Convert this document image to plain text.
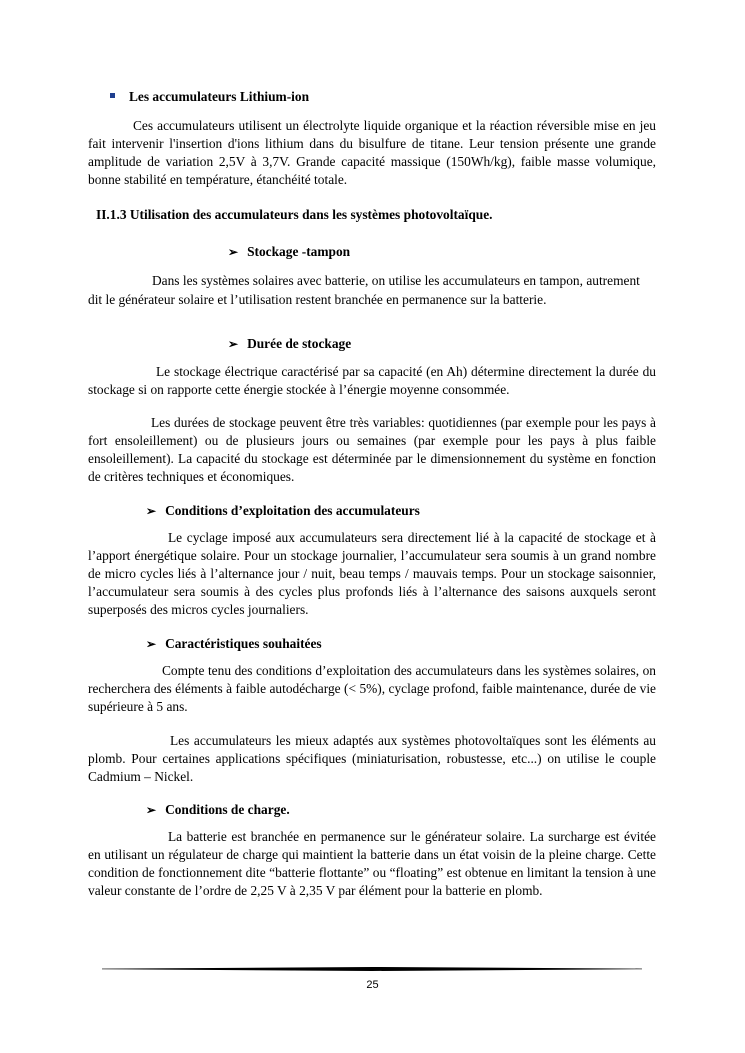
Les accumulateurs Lithium-ion

Ces accumulateurs utilisent un électrolyte liquide organique et la réaction réversible mise en jeu fait intervenir l'insertion d'ions lithium dans du bisulfure de titane. Leur tension présente une grande amplitude de variation 2,5V à 3,7V. Grande capacité massique (150Wh/kg), faible masse volumique, bonne stabilité en température, étanchéité totale.

II.1.3 Utilisation des accumulateurs dans les systèmes photovoltaïque.
➢ Stockage -tampon

Dans les systèmes solaires avec batterie, on utilise les accumulateurs en tampon, autrement dit le générateur solaire et l’utilisation restent branchée en permanence sur la batterie.

➢ Durée de stockage

Le stockage électrique caractérisé par sa capacité (en Ah) détermine directement la durée du stockage si on rapporte cette énergie stockée à l’énergie moyenne consommée.

Les durées de stockage peuvent être très variables: quotidiennes (par exemple pour les pays à fort ensoleillement) ou de plusieurs jours ou semaines (par exemple pour les pays à plus faible ensoleillement). La capacité du stockage est déterminée par le dimensionnement du système en fonction de critères techniques et économiques.

➢ Conditions d’exploitation des accumulateurs

Le cyclage imposé aux accumulateurs sera directement lié à la capacité de stockage et à l’apport énergétique solaire. Pour un stockage journalier, l’accumulateur sera soumis à un grand nombre de micro cycles liés à l’alternance jour / nuit, beau temps / mauvais temps. Pour un stockage saisonnier, l’accumulateur sera soumis à des cycles plus profonds liés à l’alternance des saisons auxquels seront superposés des micros cycles journaliers.

➢ Caractéristiques souhaitées

Compte tenu des conditions d’exploitation des accumulateurs dans les systèmes solaires, on recherchera des éléments à faible autodécharge (< 5%), cyclage profond, faible maintenance, durée de vie supérieure à 5 ans.

Les accumulateurs les mieux adaptés aux systèmes photovoltaïques sont les éléments au plomb. Pour certaines applications spécifiques (miniaturisation, robustesse, etc...) on utilise le couple Cadmium – Nickel.

➢ Conditions de charge.

La batterie est branchée en permanence sur le générateur solaire. La surcharge est évitée en utilisant un régulateur de charge qui maintient la batterie dans un état voisin de la pleine charge. Cette condition de fonctionnement dite “batterie flottante” ou “floating” est obtenue en limitant la tension à une valeur constante de l’ordre de 2,25 V à 2,35 V par élément pour la batterie en plomb.

25
